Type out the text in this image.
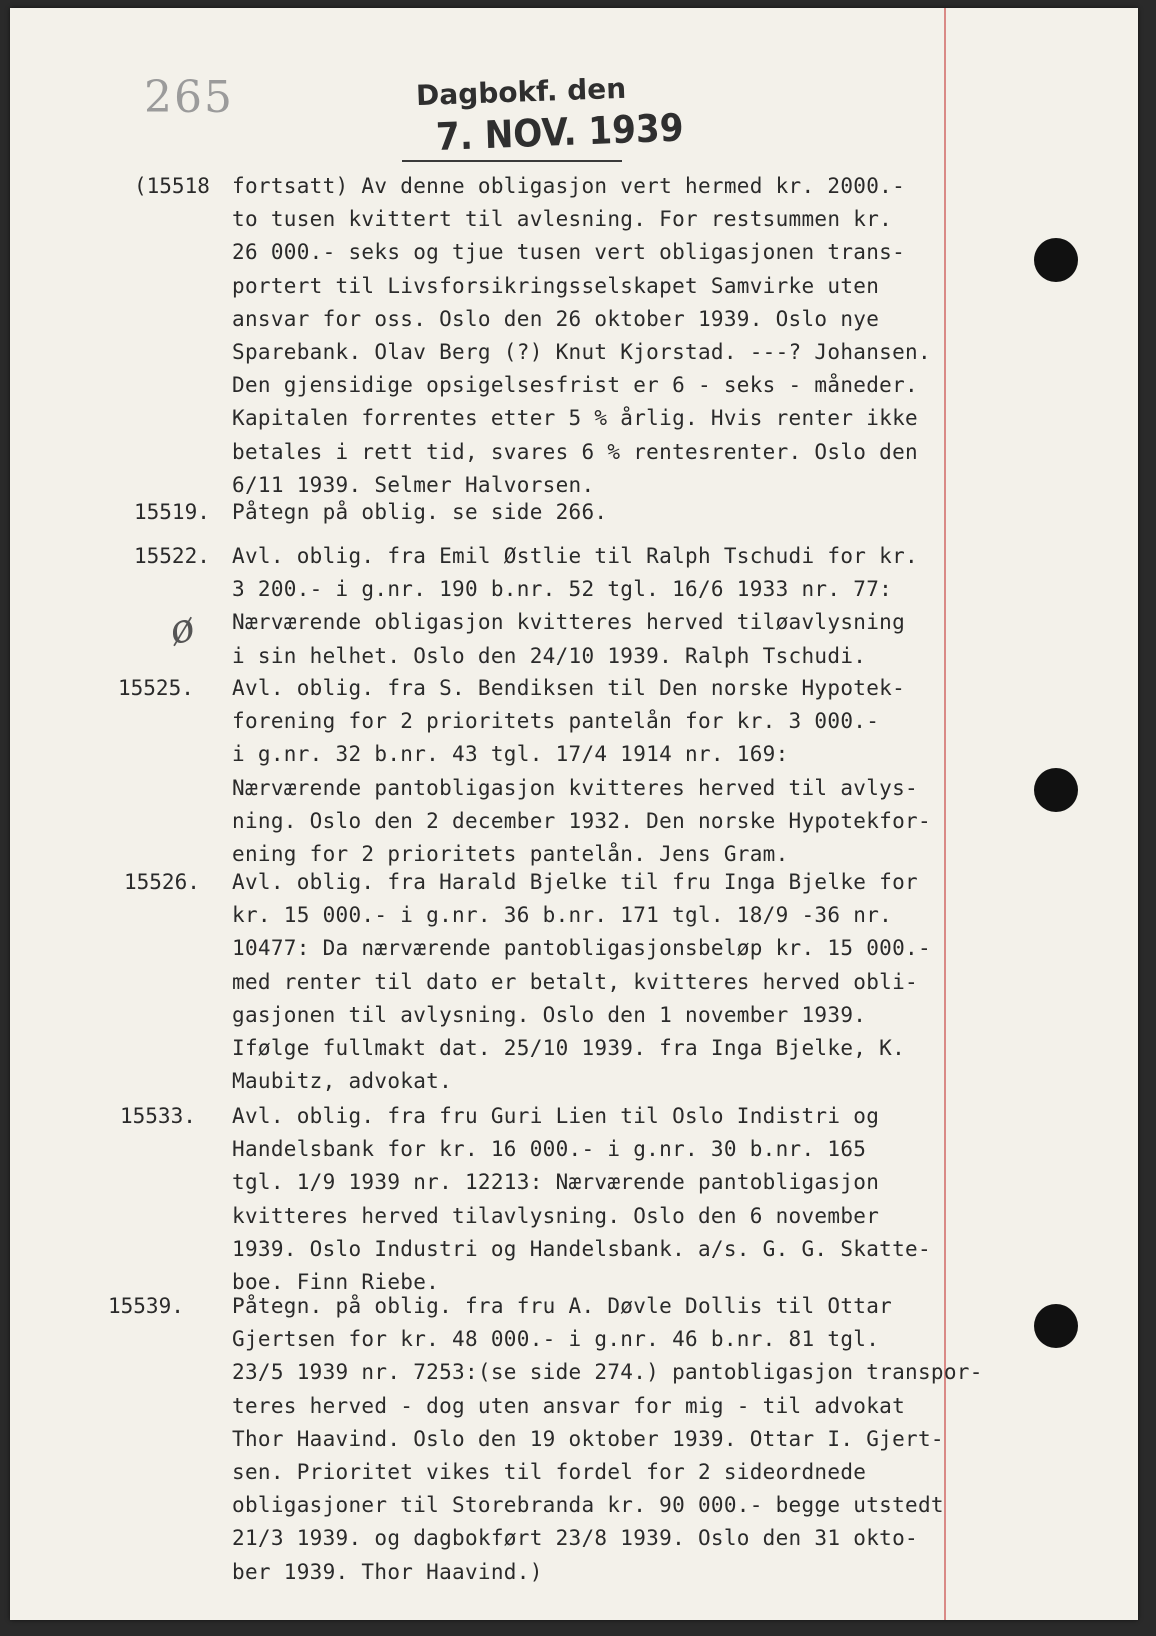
265	Dagbokf. den
7. NOV. 1939
ø
(15518 fortsatt) Av denne obligasjon vert hermed kr. 2000.-
to tusen kvittert til avlesning. For restsummen kr.
26 000.- seks og tjue tusen vert obligasjonen trans-
portert til Livsforsikringsselskapet Samvirke uten
ansvar for oss. Oslo den 26 oktober 1939. Oslo nye
Sparebank. Olav Berg (?) Knut Kjorstad. ---? Johansen.
Den gjensidige opsigelsesfrist er 6 - seks - måneder.
Kapitalen forrentes etter 5 % årlig. Hvis renter ikke
betales i rett tid, svares 6 % rentesrenter. Oslo den
6/11 1939. Selmer Halvorsen.
15519. Påtegn på oblig. se side 266.
15522. Avl. oblig. fra Emil Østlie til Ralph Tschudi for kr.
3 200.- i g.nr. 190 b.nr. 52 tgl. 16/6 1933 nr. 77:
Nærværende obligasjon kvitteres herved tiløavlysning
i sin helhet. Oslo den 24/10 1939. Ralph Tschudi.
15525. Avl. oblig. fra S. Bendiksen til Den norske Hypotek-
forening for 2 prioritets pantelån for kr. 3 000.-
i g.nr. 32 b.nr. 43 tgl. 17/4 1914 nr. 169:
Nærværende pantobligasjon kvitteres herved til avlys-
ning. Oslo den 2 december 1932. Den norske Hypotekfor-
ening for 2 prioritets pantelån. Jens Gram.
15526. Avl. oblig. fra Harald Bjelke til fru Inga Bjelke for
kr. 15 000.- i g.nr. 36 b.nr. 171 tgl. 18/9 -36 nr.
10477: Da nærværende pantobligasjonsbeløp kr. 15 000.-
med renter til dato er betalt, kvitteres herved obli-
gasjonen til avlysning. Oslo den 1 november 1939.
Ifølge fullmakt dat. 25/10 1939. fra Inga Bjelke, K.
Maubitz, advokat.
15533. Avl. oblig. fra fru Guri Lien til Oslo Indistri og
Handelsbank for kr. 16 000.- i g.nr. 30 b.nr. 165
tgl. 1/9 1939 nr. 12213: Nærværende pantobligasjon
kvitteres herved tilavlysning. Oslo den 6 november
1939. Oslo Industri og Handelsbank. a/s. G. G. Skatte-
boe. Finn Riebe.
15539. Påtegn. på oblig. fra fru A. Døvle Dollis til Ottar
Gjertsen for kr. 48 000.- i g.nr. 46 b.nr. 81 tgl.
23/5 1939 nr. 7253:(se side 274.) pantobligasjon transpor-
teres herved - dog uten ansvar for mig - til advokat
Thor Haavind. Oslo den 19 oktober 1939. Ottar I. Gjert-
sen. Prioritet vikes til fordel for 2 sideordnede
obligasjoner til Storebranda kr. 90 000.- begge utstedt
21/3 1939. og dagbokført 23/8 1939. Oslo den 31 okto-
ber 1939. Thor Haavind.)
